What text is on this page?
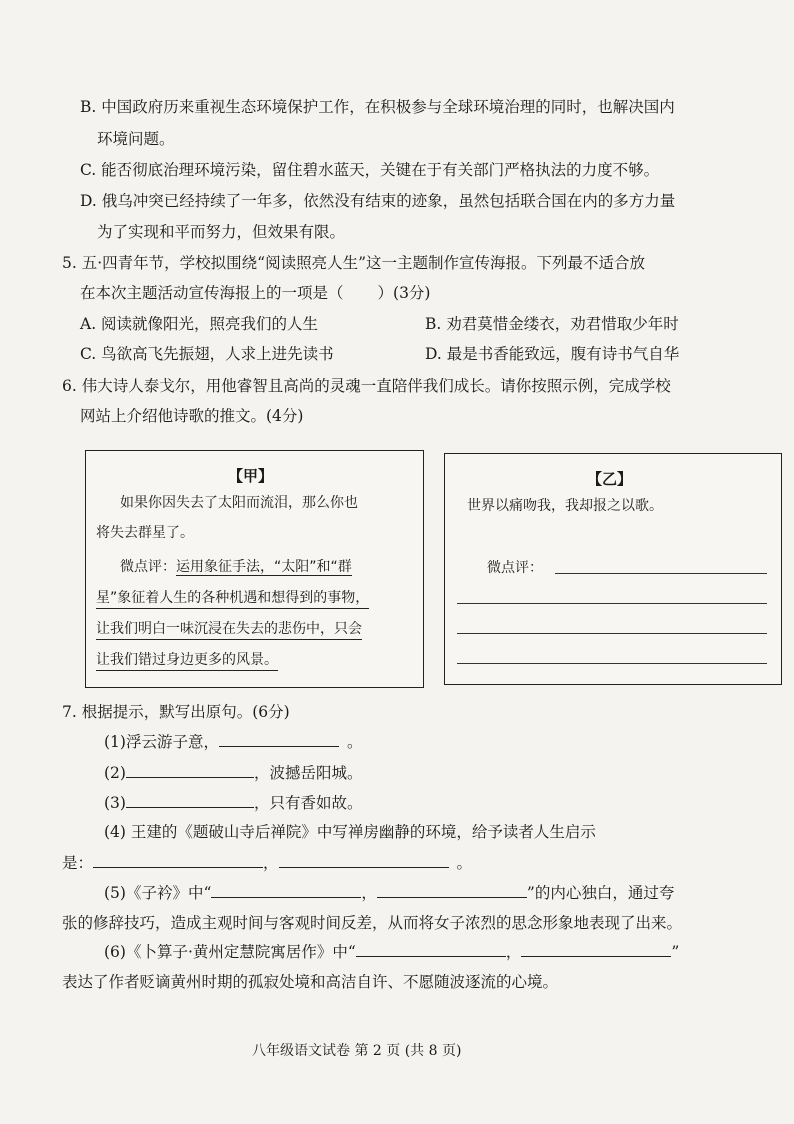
B. 中国政府历来重视生态环境保护工作，在积极参与全球环境治理的同时，也解决国内
环境问题。
C. 能否彻底治理环境污染，留住碧水蓝天，关键在于有关部门严格执法的力度不够。
D. 俄乌冲突已经持续了一年多，依然没有结束的迹象，虽然包括联合国在内的多方力量
为了实现和平而努力，但效果有限。
5. 五·四青年节，学校拟围绕“阅读照亮人生”这一主题制作宣传海报。下列最不适合放
在本次主题活动宣传海报上的一项是（ ）(3分)
A. 阅读就像阳光，照亮我们的人生	B. 劝君莫惜金缕衣，劝君惜取少年时
C. 鸟欲高飞先振翅，人求上进先读书	D. 最是书香能致远，腹有诗书气自华
6. 伟大诗人泰戈尔，用他睿智且高尚的灵魂一直陪伴我们成长。请你按照示例，完成学校
网站上介绍他诗歌的推文。(4分)
【甲】
如果你因失去了太阳而流泪，那么你也
将失去群星了。
微点评：运用象征手法，“太阳”和“群
星”象征着人生的各种机遇和想得到的事物，
让我们明白一味沉浸在失去的悲伤中，只会
让我们错过身边更多的风景。
【乙】
世界以痛吻我，我却报之以歌。
微点评：
7. 根据提示，默写出原句。(6分)
(1)浮云游子意，	。
(2)	，波撼岳阳城。
(3)	，只有香如故。
(4) 王建的《题破山寺后禅院》中写禅房幽静的环境，给予读者人生启示
是：	，	。
(5)《子衿》中“	，	”的内心独白，通过夸
张的修辞技巧，造成主观时间与客观时间反差，从而将女子浓烈的思念形象地表现了出来。
(6)《卜算子·黄州定慧院寓居作》中“	，	”
表达了作者贬谪黄州时期的孤寂处境和高洁自许、不愿随波逐流的心境。
八年级语文试卷 第 2 页 (共 8 页)
